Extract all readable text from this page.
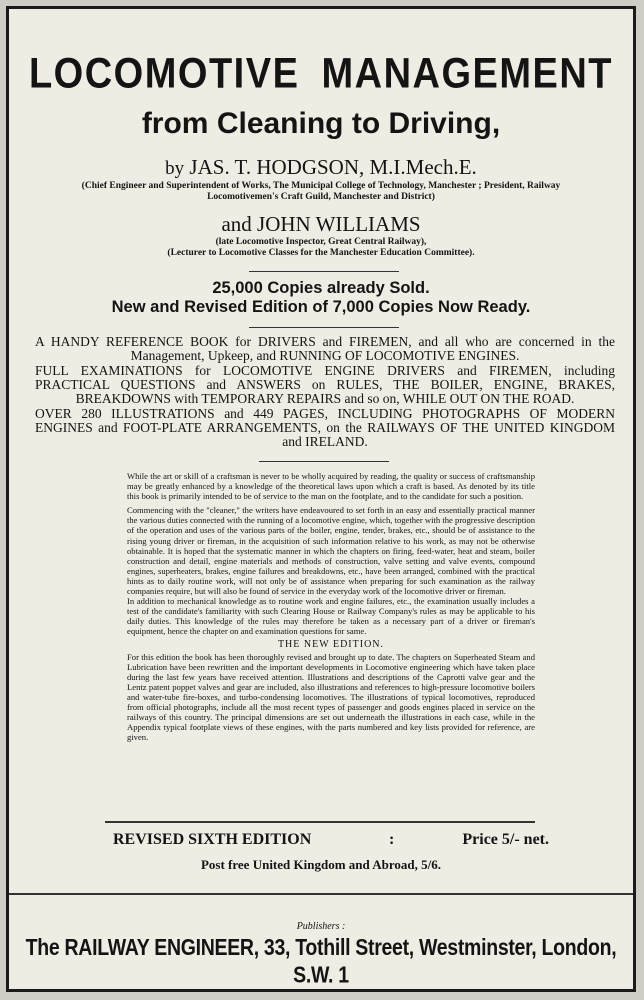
LOCOMOTIVE MANAGEMENT
from Cleaning to Driving,
by JAS. T. HODGSON, M.I.Mech.E.
(Chief Engineer and Superintendent of Works, The Municipal College of Technology, Manchester ; President, Railway
Locomotivemen's Craft Guild, Manchester and District)
and JOHN WILLIAMS
(late Locomotive Inspector, Great Central Railway),
(Lecturer to Locomotive Classes for the Manchester Education Committee).
25,000 Copies already Sold.
New and Revised Edition of 7,000 Copies Now Ready.

A HANDY REFERENCE BOOK for DRIVERS and FIREMEN, and all who are concerned in the Management, Upkeep, and RUNNING OF LOCOMOTIVE ENGINES.

FULL EXAMINATIONS for LOCOMOTIVE ENGINE DRIVERS and FIREMEN, including PRACTICAL QUESTIONS and ANSWERS on RULES, THE BOILER, ENGINE, BRAKES, BREAKDOWNS with TEMPORARY REPAIRS and so on, WHILE OUT ON THE ROAD.

OVER 280 ILLUSTRATIONS and 449 PAGES, INCLUDING PHOTOGRAPHS OF MODERN ENGINES and FOOT-PLATE ARRANGEMENTS, on the RAILWAYS OF THE UNITED KINGDOM and IRELAND.

While the art or skill of a craftsman is never to be wholly acquired by reading, the quality or success of craftsmanship may be greatly enhanced by a knowledge of the theoretical laws upon which a craft is based. As denoted by its title this book is primarily intended to be of service to the man on the footplate, and to the candidate for such a position.

Commencing with the "cleaner," the writers have endeavoured to set forth in an easy and essentially practical manner the various duties connected with the running of a locomotive engine, which, together with the progressive description of the operation and uses of the various parts of the boiler, engine, tender, brakes, etc., should be of assistance to the rising young driver or fireman, in the acquisition of such information relative to his work, as may not be otherwise obtainable. It is hoped that the systematic manner in which the chapters on firing, feed-water, heat and steam, boiler construction and detail, engine materials and methods of construction, valve setting and valve events, compound engines, superheaters, brakes, engine failures and breakdowns, etc., have been arranged, combined with the practical hints as to daily routine work, will not only be of assistance when preparing for such examination as the railway companies require, but will also be found of service in the everyday work of the locomotive driver or fireman.

In addition to mechanical knowledge as to routine work and engine failures, etc., the examination usually includes a test of the candidate's familiarity with such Clearing House or Railway Company's rules as may be applicable to his daily duties. This knowledge of the rules may therefore be taken as a necessary part of a driver or fireman's equipment, hence the chapter on and examination questions for same.

THE NEW EDITION.

For this edition the book has been thoroughly revised and brought up to date. The chapters on Superheated Steam and Lubrication have been rewritten and the important developments in Locomotive engineering which have taken place during the last few years have received attention. Illustrations and descriptions of the Caprotti valve gear and the Lentz patent poppet valves and gear are included, also illustrations and references to high-pressure locomotive boilers and water-tube fire-boxes, and turbo-condensing locomotives. The illustrations of typical locomotives, reproduced from official photographs, include all the most recent types of passenger and goods engines placed in service on the railways of this country. The principal dimensions are set out underneath the illustrations in each case, while in the Appendix typical footplate views of these engines, with the parts numbered and key lists provided for reference, are given.

REVISED SIXTH EDITION	:	Price 5/- net.
Post free United Kingdom and Abroad, 5/6.
Publishers :
The RAILWAY ENGINEER, 33, Tothill Street, Westminster, London, S.W. 1
